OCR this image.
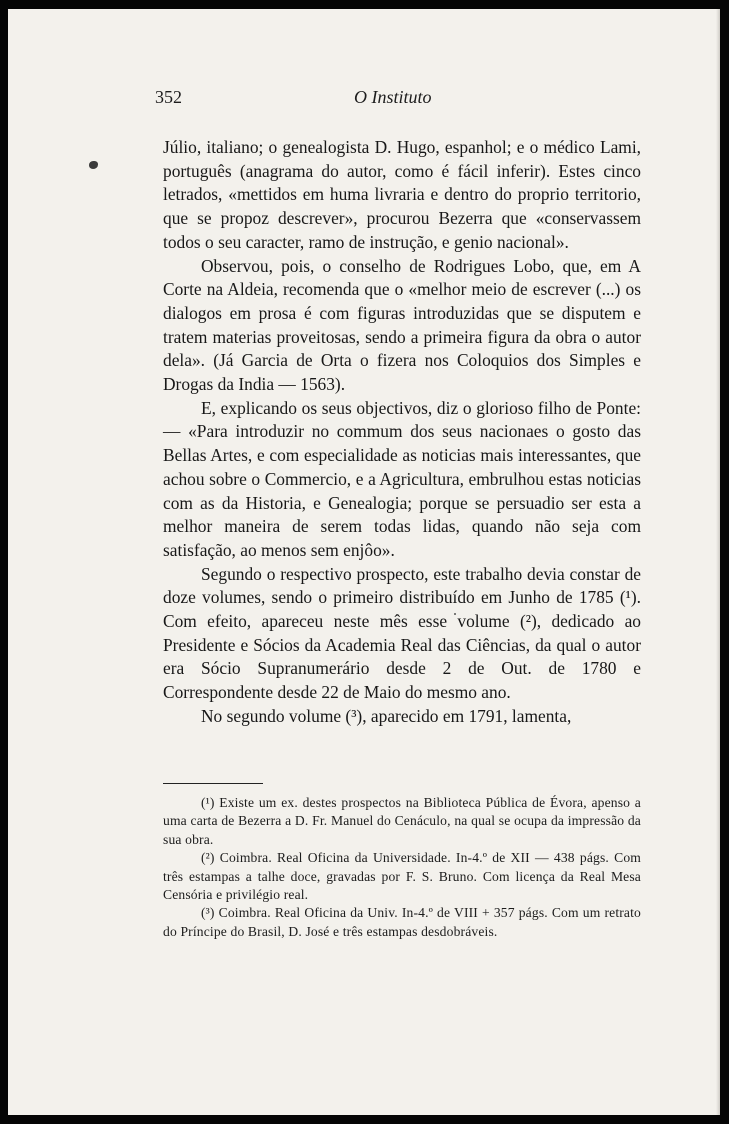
352	O Instituto

Júlio, italiano; o genealogista D. Hugo, espanhol; e o médico Lami, português (anagrama do autor, como é fácil inferir). Estes cinco letrados, «mettidos em huma livraria e dentro do proprio territorio, que se propoz descrever», procurou Bezerra que «conservassem todos o seu caracter, ramo de instrução, e genio nacional».

Observou, pois, o conselho de Rodrigues Lobo, que, em A Corte na Aldeia, recomenda que o «melhor meio de escrever (...) os dialogos em prosa é com figuras introduzidas que se disputem e tratem materias proveitosas, sendo a primeira figura da obra o autor dela». (Já Garcia de Orta o fizera nos Coloquios dos Simples e Drogas da India — 1563).

E, explicando os seus objectivos, diz o glorioso filho de Ponte: — «Para introduzir no commum dos seus nacionaes o gosto das Bellas Artes, e com especialidade as noticias mais interessantes, que achou sobre o Commercio, e a Agricultura, embrulhou estas noticias com as da Historia, e Genealogia; porque se persuadio ser esta a melhor maneira de serem todas lidas, quando não seja com satisfação, ao menos sem enjôo».

Segundo o respectivo prospecto, este trabalho devia constar de doze volumes, sendo o primeiro distribuído em Junho de 1785 (¹). Com efeito, apareceu neste mês esse volume (²), dedicado ao Presidente e Sócios da Academia Real das Ciências, da qual o autor era Sócio Supranumerário desde 2 de Out. de 1780 e Correspondente desde 22 de Maio do mesmo ano.

No segundo volume (³), aparecido em 1791, lamenta,

(¹) Existe um ex. destes prospectos na Biblioteca Pública de Évora, apenso a uma carta de Bezerra a D. Fr. Manuel do Cenáculo, na qual se ocupa da impressão da sua obra.

(²) Coimbra. Real Oficina da Universidade. In-4.º de XII — 438 págs. Com três estampas a talhe doce, gravadas por F. S. Bruno. Com licença da Real Mesa Censória e privilégio real.

(³) Coimbra. Real Oficina da Univ. In-4.º de VIII + 357 págs. Com um retrato do Príncipe do Brasil, D. José e três estampas desdobráveis.
